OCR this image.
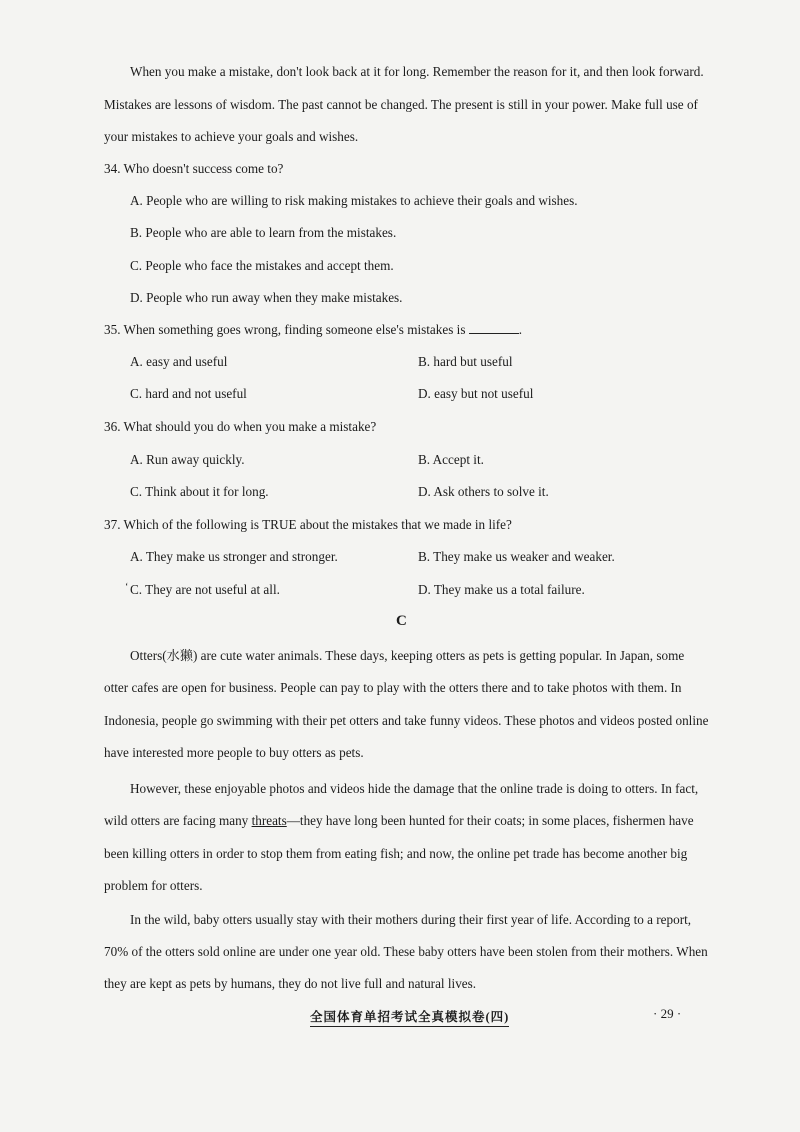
When you make a mistake, don't look back at it for long. Remember the reason for it, and then look forward.
Mistakes are lessons of wisdom. The past cannot be changed. The present is still in your power. Make full use of
your mistakes to achieve your goals and wishes.
34. Who doesn't success come to?
A. People who are willing to risk making mistakes to achieve their goals and wishes.
B. People who are able to learn from the mistakes.
C. People who face the mistakes and accept them.
D. People who run away when they make mistakes.
35. When something goes wrong, finding someone else's mistakes is	.
A. easy and useful	B. hard but useful
C. hard and not useful	D. easy but not useful
36. What should you do when you make a mistake?
A. Run away quickly.	B. Accept it.
C. Think about it for long.	D. Ask others to solve it.
37. Which of the following is TRUE about the mistakes that we made in life?
A. They make us stronger and stronger.	B. They make us weaker and weaker.
‘ C. They are not useful at all.	D. They make us a total failure.
C
Otters(水獭) are cute water animals. These days, keeping otters as pets is getting popular. In Japan, some
otter cafes are open for business. People can pay to play with the otters there and to take photos with them. In
Indonesia, people go swimming with their pet otters and take funny videos. These photos and videos posted online
have interested more people to buy otters as pets.
However, these enjoyable photos and videos hide the damage that the online trade is doing to otters. In fact,
wild otters are facing many threats—they have long been hunted for their coats; in some places, fishermen have
been killing otters in order to stop them from eating fish; and now, the online pet trade has become another big
problem for otters.
In the wild, baby otters usually stay with their mothers during their first year of life. According to a report,
70% of the otters sold online are under one year old. These baby otters have been stolen from their mothers. When
they are kept as pets by humans, they do not live full and natural lives.
全国体育单招考试全真模拟卷(四)	· 29 ·
